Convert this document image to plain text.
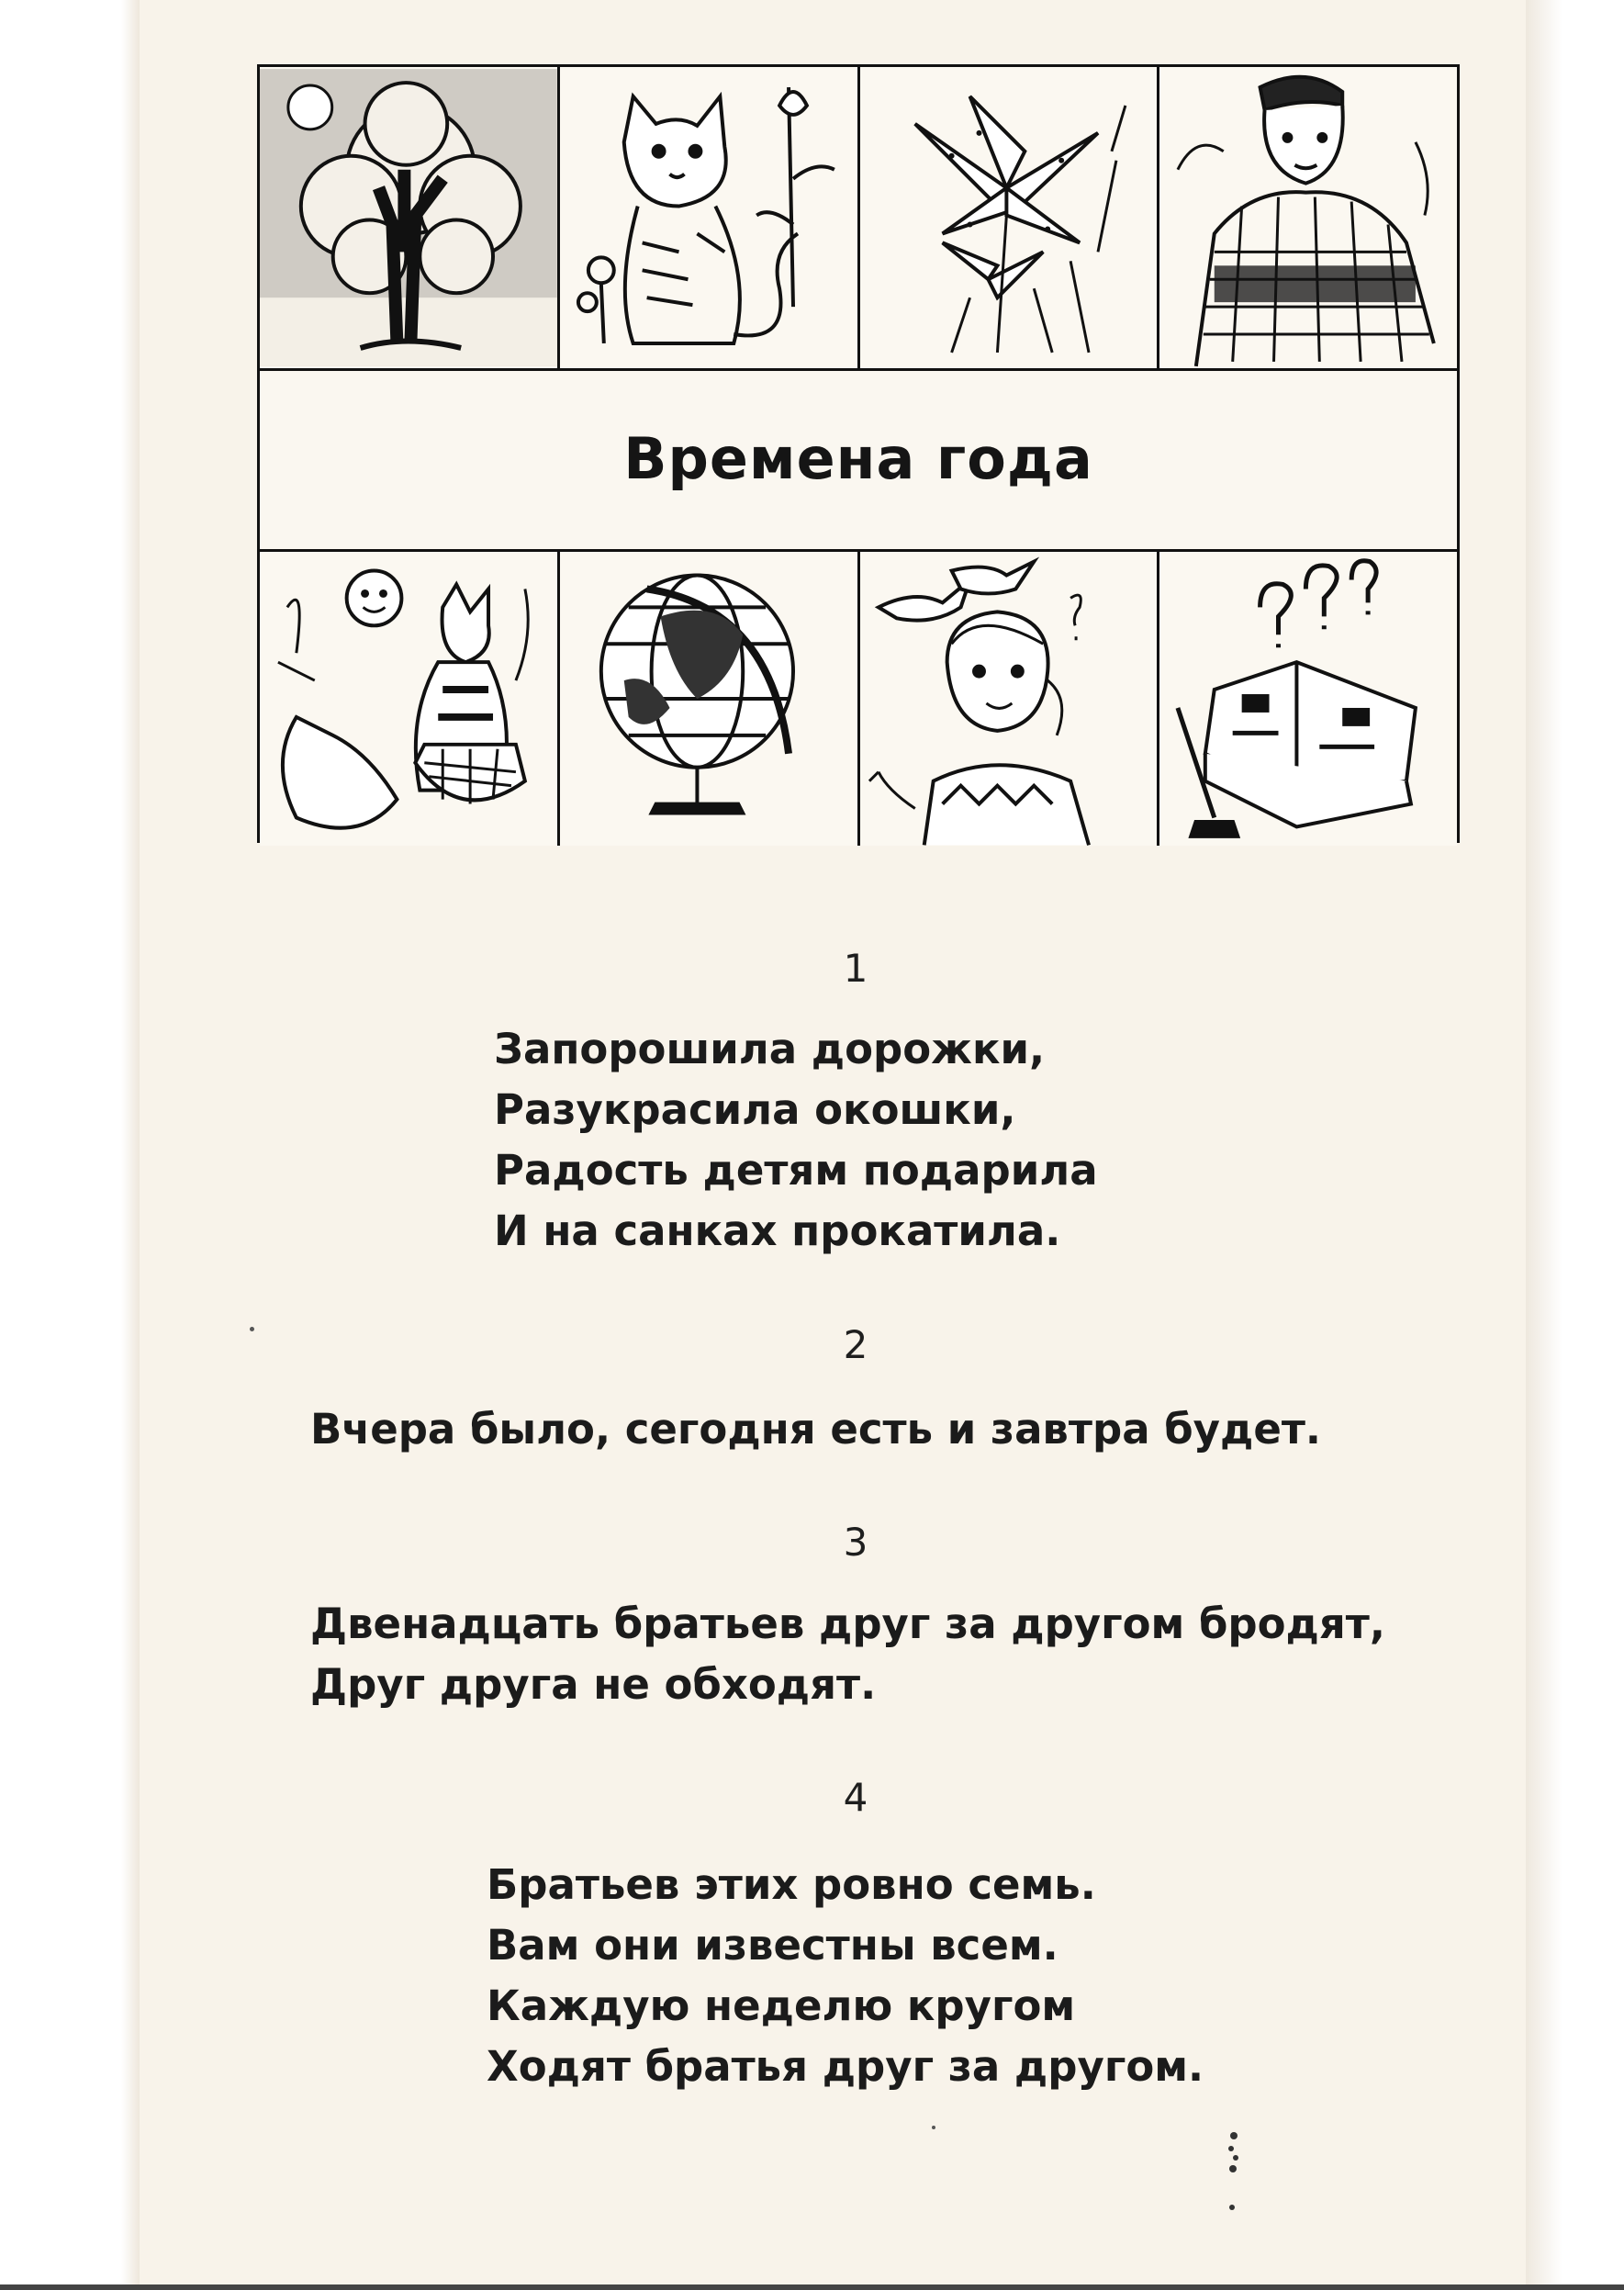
Времена года
1
Запорошила дорожки,
Разукрасила окошки,
Радость детям подарила
И на санках прокатила.
2
Вчера было, сегодня есть и завтра будет.
3
Двенадцать братьев друг за другом бродят,
Друг друга не обходят.
4
Братьев этих ровно семь.
Вам они известны всем.
Каждую неделю кругом
Ходят братья друг за другом.
